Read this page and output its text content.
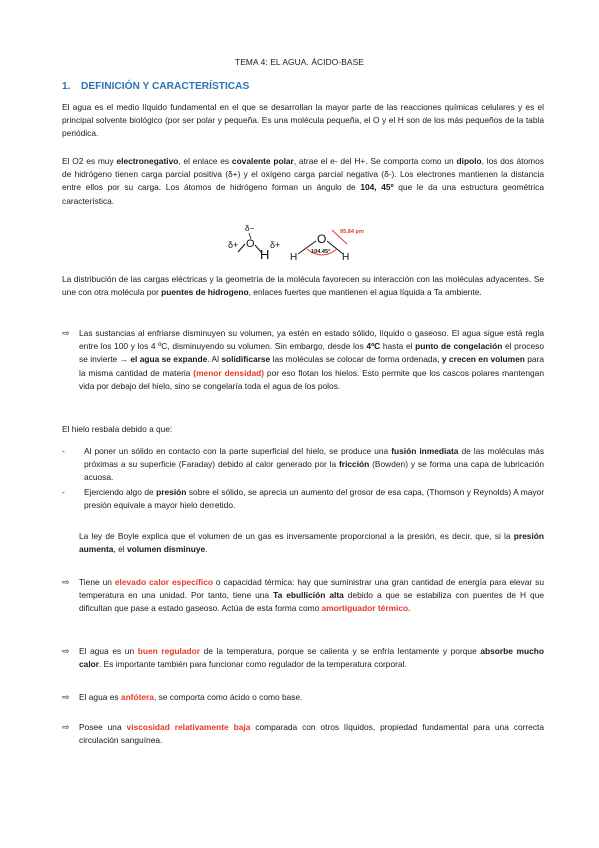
TEMA 4: EL AGUA. ÁCIDO-BASE
1. DEFINICIÓN Y CARACTERÍSTICAS
El agua es el medio líquido fundamental en el que se desarrollan la mayor parte de las reacciones químicas celulares y es el principal solvente biológico (por ser polar y pequeña. Es una molécula pequeña, el O y el H son de los más pequeños de la tabla periódica.
El O2 es muy electronegativo, el enlace es covalente polar, atrae el e- del H+. Se comporta como un dipolo, los dos átomos de hidrógeno tienen carga parcial positiva (δ+) y el oxígeno carga parcial negativa (δ-). Los electrones mantienen la distancia entre ellos por su carga. Los átomos de hidrógeno forman un ángulo de 104, 45º que le da una estructura geométrica característica.
δ−
δ+ O
H
δ+
H
O
H
104.45°
95.84 pm
La distribución de las cargas eléctricas y la geometría de la molécula favorecen su interacción con las moléculas adyacentes. Se une con otra molécula por puentes de hidrogeno, enlaces fuertes que mantienen el agua líquida a Ta ambiente.
⇨ Las sustancias al enfriarse disminuyen su volumen, ya estén en estado sólido, líquido o gaseoso. El agua sigue está regla entre los 100 y los 4 ºC, disminuyendo su volumen. Sin embargo, desde los 4ºC hasta el punto de congelación el proceso se invierte → el agua se expande. Al solidificarse las moléculas se colocar de forma ordenada, y crecen en volumen para la misma cantidad de materia (menor densidad) por eso flotan los hielos. Esto permite que los cascos polares mantengan vida por debajo del hielo, sino se congelaría toda el agua de los polos.
El hielo resbala debido a que:
- Al poner un sólido en contacto con la parte superficial del hielo, se produce una fusión inmediata de las moléculas más próximas a su superficie (Faraday) debido al calor generado por la fricción (Bowden) y se forma una capa de lubricación acuosa.
- Ejerciendo algo de presión sobre el sólido, se aprecia un aumento del grosor de esa capa, (Thomson y Reynolds) A mayor presión equivale a mayor hielo derretido.
La ley de Boyle explica que el volumen de un gas es inversamente proporcional a la presión, es decir, que, si la presión aumenta, el volumen disminuye.
⇨ Tiene un elevado calor específico o capacidad térmica: hay que suministrar una gran cantidad de energía para elevar su temperatura en una unidad. Por tanto, tiene una Ta ebullición alta debido a que se estabiliza con puentes de H que dificultan que pase a estado gaseoso. Actúa de esta forma como amortiguador térmico.
⇨ El agua es un buen regulador de la temperatura, porque se calienta y se enfría lentamente y porque absorbe mucho calor. Es importante también para funcionar como regulador de la temperatura corporal.
⇨ El agua es anfótera, se comporta como ácido o como base.
⇨ Posee una viscosidad relativamente baja comparada con otros líquidos, propiedad fundamental para una correcta circulación sanguínea.
